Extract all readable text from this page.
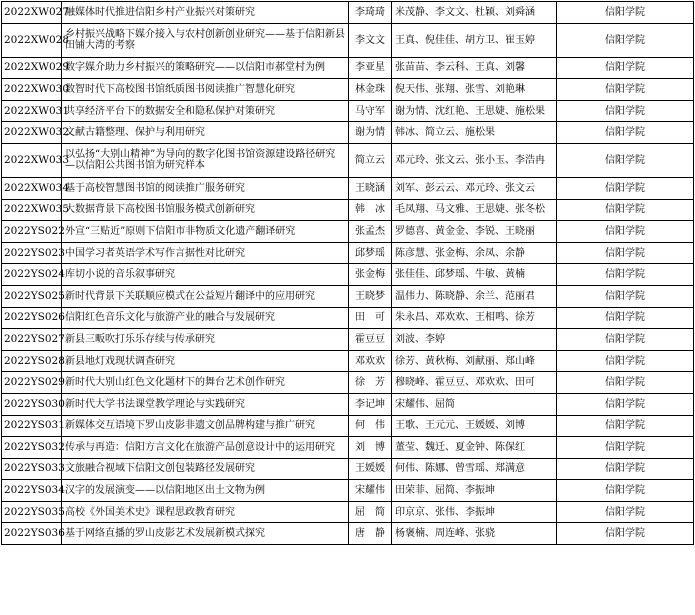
2022XW027	融媒体时代推进信阳乡村产业振兴对策研究	李琦琦	米茂静、李文文、杜颖、刘舜涵	信阳学院
2022XW028	乡村振兴战略下媒介接入与农村创新创业研究——基于信阳新县田铺大湾的考察	李文文	王真、倪佳佳、胡方卫、崔玉婷	信阳学院
2022XW029	数字媒介助力乡村振兴的策略研究——以信阳市郝堂村为例	李亚星	张苗苗、李云科、王真、刘馨	信阳学院
2022XW030	数智时代下高校图书馆纸质图书阅读推广智慧化研究	林金珠	倪天伟、张翔、张雪、刘艳琳	信阳学院
2022XW031	共享经济平台下的数据安全和隐私保护对策研究	马守军	谢为情、沈红艳、王思婕、施松果	信阳学院
2022XW032	文献古籍整理、保护与利用研究	谢为情	韩冰、简立云、施松果	信阳学院
2022XW033	以弘扬“大别山精神”为导向的数字化图书馆资源建设路径研究—以信阳公共图书馆为研究样本	简立云	邓元玲、张文云、张小玉、李浩冉	信阳学院
2022XW034	基于高校智慧图书馆的阅读推广服务研究	王晓涵	刘军、彭云云、邓元玲、张文云	信阳学院
2022XW035	大数据背景下高校图书馆服务模式创新研究	韩　冰	毛凤翔、马文雅、王思婕、张冬松	信阳学院
2022YS022	外宣“三贴近”原则下信阳市非物质文化遗产翻译研究	张孟杰	罗德喜、黄金金、李锐、王晓丽	信阳学院
2022YS023	中国学习者英语学术写作言据性对比研究	邱梦瑶	陈彦慧、张金梅、余凤、余静	信阳学院
2022YS024	库切小说的音乐叙事研究	张金梅	张佳佳、邱梦瑶、牛敏、黄楠	信阳学院
2022YS025	新时代背景下关联顺应模式在公益短片翻译中的应用研究	王晓梦	温伟力、陈晓静、余兰、范丽君	信阳学院
2022YS026	信阳红色音乐文化与旅游产业的融合与发展研究	田　可	朱永昌、邓欢欢、王相鸣、徐芳	信阳学院
2022YS027	新县三畈吹打乐乐存续与传承研究	霍豆豆	刘波、李婷	信阳学院
2022YS028	新县地灯戏现状调查研究	邓欢欢	徐芳、黄秋梅、刘献丽、郑山峰	信阳学院
2022YS029	新时代大别山红色文化题材下的舞台艺术创作研究	徐　芳	穆晓峰、霍豆豆、邓欢欢、田可	信阳学院
2022YS030	新时代大学书法课堂教学理论与实践研究	李记坤	宋耀伟、屈简	信阳学院
2022YS031	新媒体交互语境下罗山皮影非遗文创品牌构建与推广研究	何　伟	王歌、王元元、王媛媛、刘博	信阳学院
2022YS032	传承与再造：信阳方言文化在旅游产品创意设计中的运用研究	刘　博	董莹、魏迁、夏金钟、陈保红	信阳学院
2022YS033	文旅融合视域下信阳文创包装路径发展研究	王媛媛	何伟、陈娜、曾雪瑶、郑满意	信阳学院
2022YS034	汉字的发展演变——以信阳地区出土文物为例	宋耀伟	田荣菲、屈简、李振坤	信阳学院
2022YS035	高校《外国美术史》课程思政教育研究	屈　简	印京京、张伟、李振坤	信阳学院
2022YS036	基于网络直播的罗山皮影艺术发展新模式探究	唐　静	杨褒楠、周连峰、张骁	信阳学院
